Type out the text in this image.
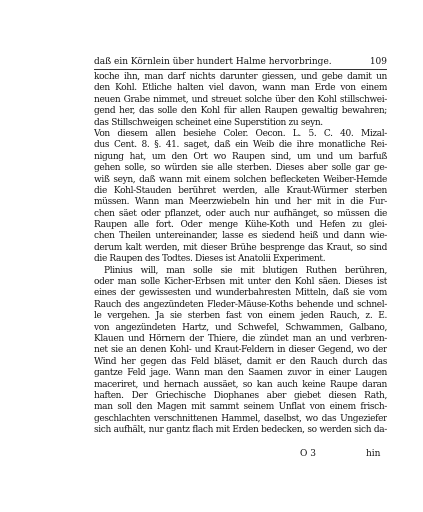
daß ein Körnlein über hundert Halme hervorbringe.	109
koche ihn, man darf nichts darunter giessen, und gebe damit un
den Kohl. Etliche halten viel davon, wann man Erde von einem
neuen Grabe nimmet, und streuet solche über den Kohl stillschwei-
gend her, das solle den Kohl für allen Raupen gewaltig bewahren;
das Stillschweigen scheinet eine Superstition zu seyn.
Von diesem allen besiehe Coler. Oecon. L. 5. C. 40. Mizal-
dus Cent. 8. §. 41. saget, daß ein Weib die ihre monatliche Rei-
nigung hat, um den Ort wo Raupen sind, um und um barfuß
gehen solle, so würden sie alle sterben. Dieses aber solle gar ge-
wiß seyn, daß wann mit einem solchen beflecketen Weiber-Hemde
die Kohl-Stauden berühret werden, alle Kraut-Würmer sterben
müssen. Wann man Meerzwiebeln hin und her mit in die Fur-
chen säet oder pflanzet, oder auch nur aufhänget, so müssen die
Raupen alle fort. Oder menge Kühe-Koth und Hefen zu glei-
chen Theilen untereinander, lasse es siedend heiß und dann wie-
derum kalt werden, mit dieser Brühe besprenge das Kraut, so sind
die Raupen des Todtes. Dieses ist Anatolii Experiment.
Plinius will, man solle sie mit blutigen Ruthen berühren,
oder man solle Kicher-Erbsen mit unter den Kohl säen. Dieses ist
eines der gewissesten und wunderbahresten Mitteln, daß sie vom
Rauch des angezündeten Fleder-Mäuse-Koths behende und schnel-
le vergehen. Ja sie sterben fast von einem jeden Rauch, z. E.
von angezündeten Hartz, und Schwefel, Schwammen, Galbano,
Klauen und Hörnern der Thiere, die zündet man an und verbren-
net sie an denen Kohl- und Kraut-Feldern in dieser Gegend, wo der
Wind her gegen das Feld bläset, damit er den Rauch durch das
gantze Feld jage. Wann man den Saamen zuvor in einer Laugen
maceriret, und hernach aussäet, so kan auch keine Raupe daran
haften. Der Griechische Diophanes aber giebet diesen Rath,
man soll den Magen mit sammt seinem Unflat von einem frisch-
geschlachten verschnittenen Hammel, daselbst, wo das Ungeziefer
sich aufhält, nur gantz flach mit Erden bedecken, so werden sich da-
O 3	hin
